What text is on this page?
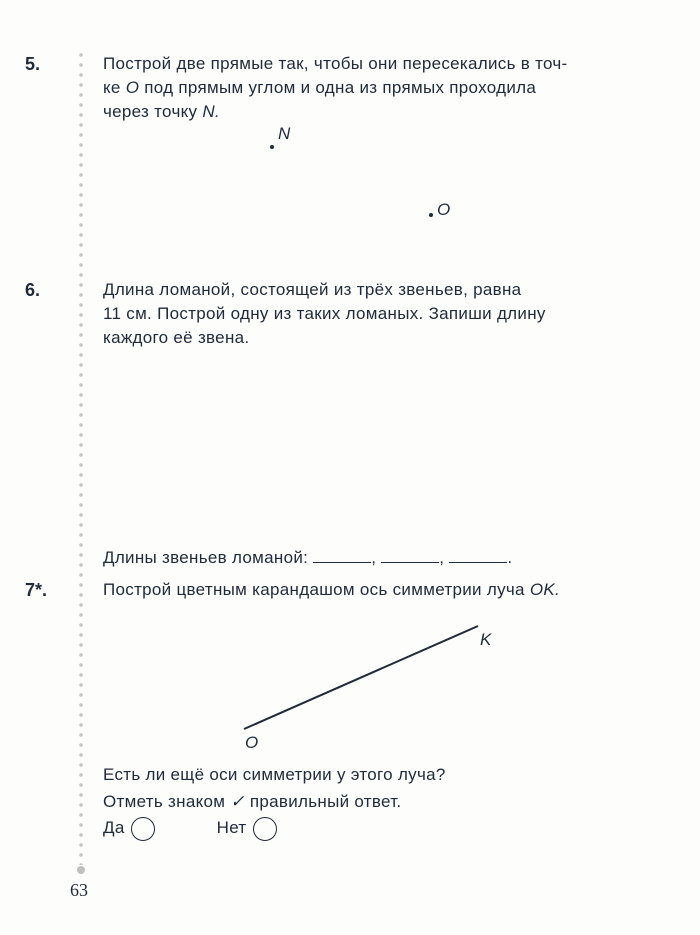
5.	Построй две прямые так, чтобы они пересекались в точ-

ке O под прямым углом и одна из прямых проходила

через точку N.

N
O
6.	Длина ломаной, состоящей из трёх звеньев, равна

11 см. Построй одну из таких ломаных. Запиши длину

каждого её звена.

Длины звеньев ломаной:	,	,	.
7*.	Построй цветным карандашом ось симметрии луча OK.
K
O
Есть ли ещё оси симметрии у этого луча?
Отметь знаком ✓ правильный ответ.
Да	Нет
63
